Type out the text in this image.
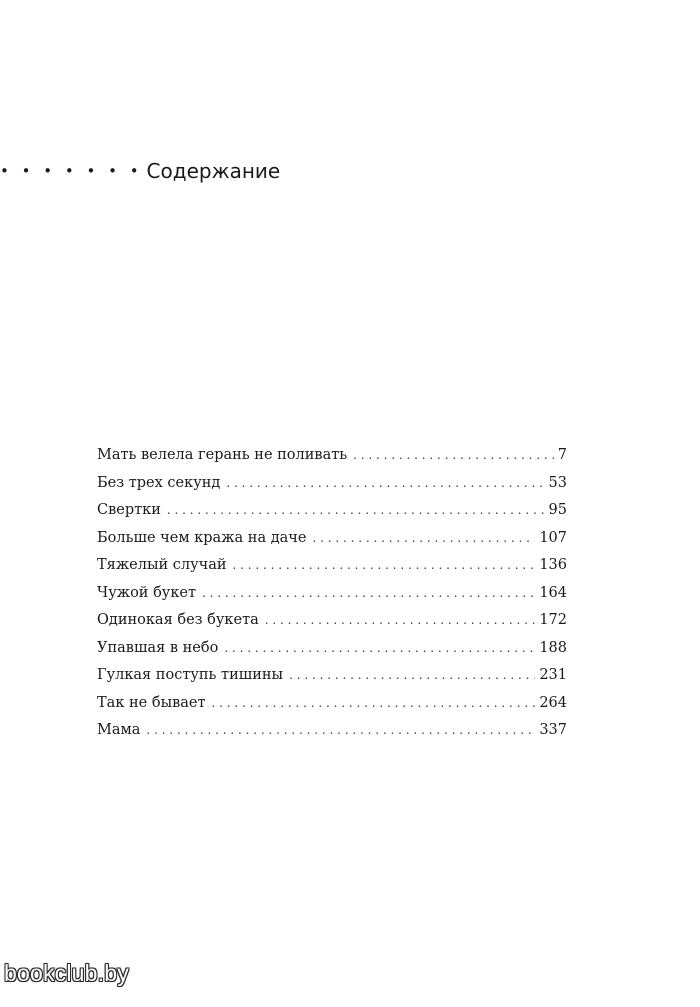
• • • • • • • Содержание
Мать велела герань не поливать . . .	7
Без трех секунд . . .	53
Свертки . . .	95
Больше чем кража на даче . . .	107
Тяжелый случай . . .	136
Чужой букет . . .	164
Одинокая без букета . . .	172
Упавшая в небо . . .	188
Гулкая поступь тишины . . .	231
Так не бывает . . .	264
Мама . . .	337
bookclub.by
